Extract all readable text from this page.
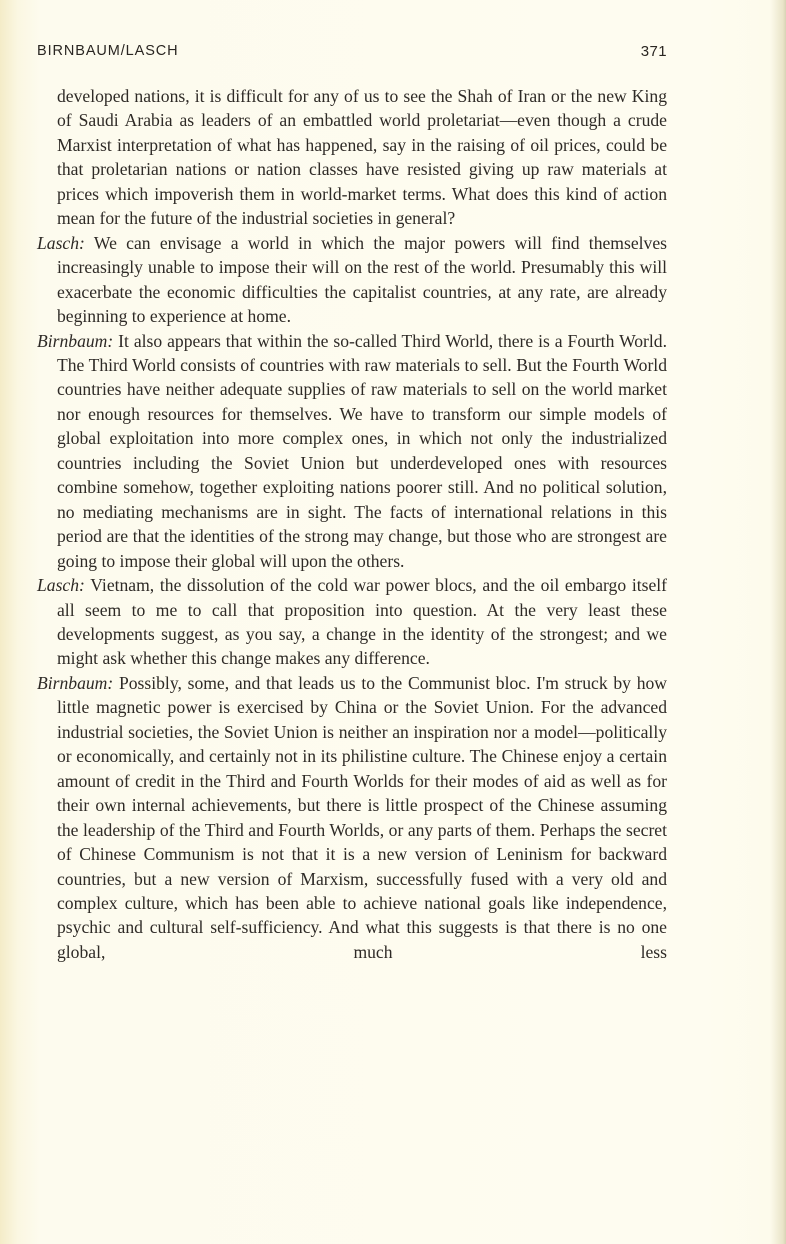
BIRNBAUM/LASCH	371

developed nations, it is difficult for any of us to see the Shah of Iran or the new King of Saudi Arabia as leaders of an embattled world proletariat—even though a crude Marxist interpretation of what has happened, say in the raising of oil prices, could be that proletarian nations or nation classes have resisted giving up raw materials at prices which impoverish them in world-market terms. What does this kind of action mean for the future of the industrial societies in general?

Lasch: We can envisage a world in which the major powers will find themselves increasingly unable to impose their will on the rest of the world. Presumably this will exacerbate the economic difficulties the capitalist countries, at any rate, are already beginning to experience at home.

Birnbaum: It also appears that within the so-called Third World, there is a Fourth World. The Third World consists of countries with raw materials to sell. But the Fourth World countries have neither adequate supplies of raw materials to sell on the world market nor enough resources for themselves. We have to transform our simple models of global exploitation into more complex ones, in which not only the industrialized countries including the Soviet Union but underdeveloped ones with resources combine somehow, together exploiting nations poorer still. And no political solution, no mediating mechanisms are in sight. The facts of international relations in this period are that the identities of the strong may change, but those who are strongest are going to impose their global will upon the others.

Lasch: Vietnam, the dissolution of the cold war power blocs, and the oil embargo itself all seem to me to call that proposition into question. At the very least these developments suggest, as you say, a change in the identity of the strongest; and we might ask whether this change makes any difference.

Birnbaum: Possibly, some, and that leads us to the Communist bloc. I'm struck by how little magnetic power is exercised by China or the Soviet Union. For the advanced industrial societies, the Soviet Union is neither an inspiration nor a model—politically or economically, and certainly not in its philistine culture. The Chinese enjoy a certain amount of credit in the Third and Fourth Worlds for their modes of aid as well as for their own internal achievements, but there is little prospect of the Chinese assuming the leadership of the Third and Fourth Worlds, or any parts of them. Perhaps the secret of Chinese Communism is not that it is a new version of Leninism for backward countries, but a new version of Marxism, successfully fused with a very old and complex culture, which has been able to achieve national goals like independence, psychic and cultural self-sufficiency. And what this suggests is that there is no one global, much less
